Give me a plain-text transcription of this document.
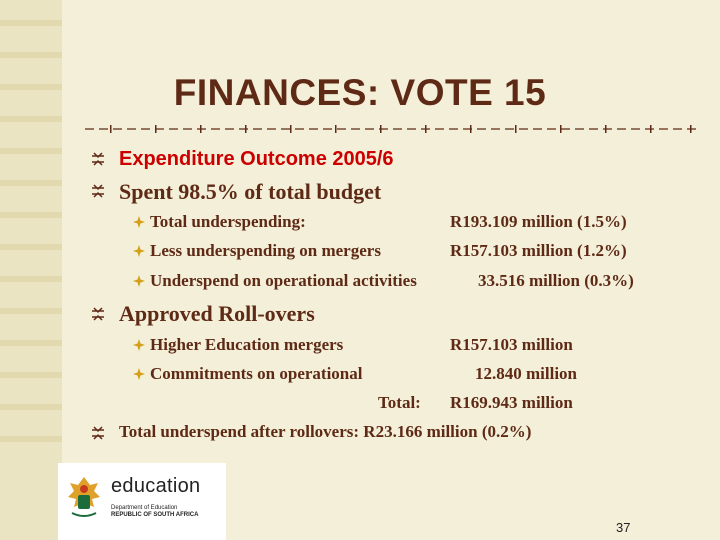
FINANCES: VOTE 15
Expenditure Outcome 2005/6
Spent 98.5% of total budget
Total underspending:	R193.109 million (1.5%)
Less underspending on mergers	R157.103 million (1.2%)
Underspend on operational activities	33.516 million (0.3%)
Approved Roll-overs
Higher Education mergers	R157.103 million
Commitments on operational	12.840 million
Total: R169.943 million
Total underspend after rollovers: R23.166 million (0.2%)
education
Department of Education
REPUBLIC OF SOUTH AFRICA
37
